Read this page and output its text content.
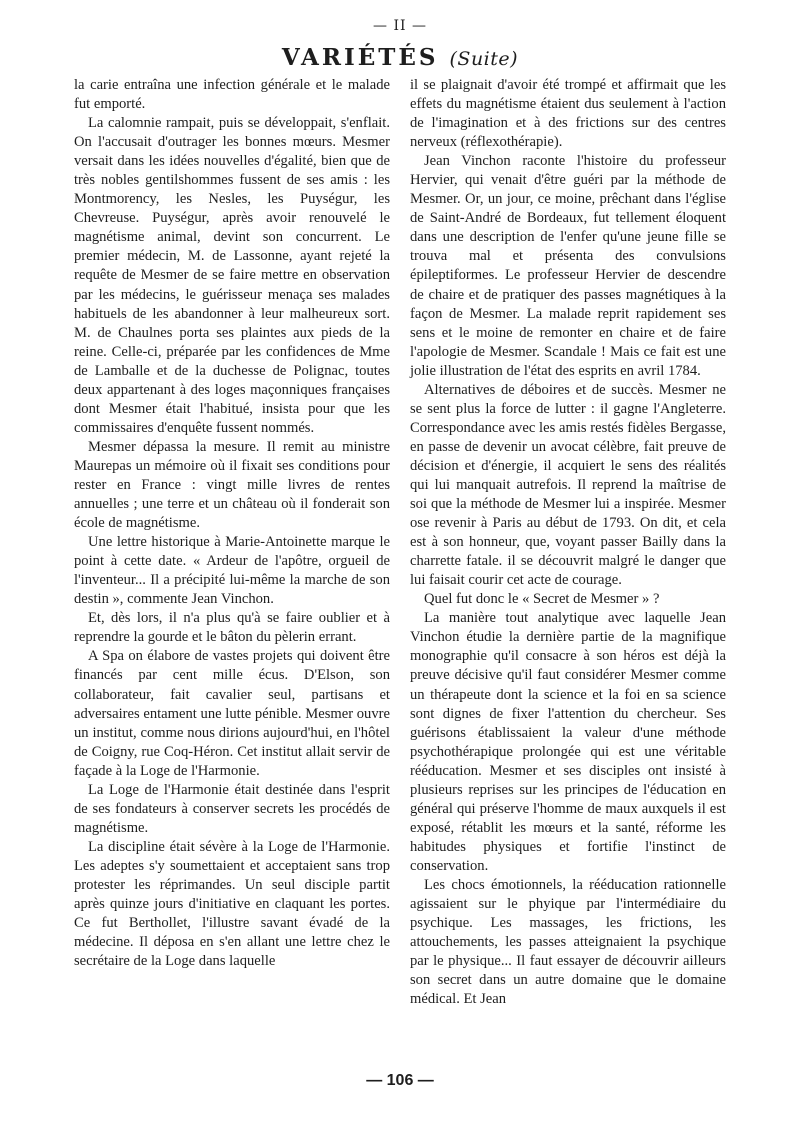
— II —
VARIÉTÉS (Suite)

la carie entraîna une infection générale et le malade fut emporté.

La calomnie rampait, puis se développait, s'enflait. On l'accusait d'outrager les bonnes mœurs. Mesmer versait dans les idées nouvelles d'égalité, bien que de très nobles gentilshommes fussent de ses amis : les Montmorency, les Nesles, les Puységur, les Chevreuse. Puységur, après avoir renouvelé le magnétisme animal, devint son concurrent. Le premier médecin, M. de Lassonne, ayant rejeté la requête de Mesmer de se faire mettre en observation par les médecins, le guérisseur menaça ses malades habituels de les abandonner à leur malheureux sort. M. de Chaulnes porta ses plaintes aux pieds de la reine. Celle-ci, préparée par les confidences de Mme de Lamballe et de la duchesse de Polignac, toutes deux appartenant à des loges maçonniques françaises dont Mesmer était l'habitué, insista pour que les commissaires d'enquête fussent nommés.

Mesmer dépassa la mesure. Il remit au ministre Maurepas un mémoire où il fixait ses conditions pour rester en France : vingt mille livres de rentes annuelles ; une terre et un château où il fonderait son école de magnétisme.

Une lettre historique à Marie-Antoinette marque le point à cette date. « Ardeur de l'apôtre, orgueil de l'inventeur... Il a précipité lui-même la marche de son destin », commente Jean Vinchon.

Et, dès lors, il n'a plus qu'à se faire oublier et à reprendre la gourde et le bâton du pèlerin errant.

A Spa on élabore de vastes projets qui doivent être financés par cent mille écus. D'Elson, son collaborateur, fait cavalier seul, partisans et adversaires entament une lutte pénible. Mesmer ouvre un institut, comme nous dirions aujourd'hui, en l'hôtel de Coigny, rue Coq-Héron. Cet institut allait servir de façade à la Loge de l'Harmonie.

La Loge de l'Harmonie était destinée dans l'esprit de ses fondateurs à conserver secrets les procédés de magnétisme.

La discipline était sévère à la Loge de l'Harmonie. Les adeptes s'y soumettaient et acceptaient sans trop protester les réprimandes. Un seul disciple partit après quinze jours d'initiative en claquant les portes. Ce fut Berthollet, l'illustre savant évadé de la médecine. Il déposa en s'en allant une lettre chez le secrétaire de la Loge dans laquelle

il se plaignait d'avoir été trompé et affirmait que les effets du magnétisme étaient dus seulement à l'action de l'imagination et à des frictions sur des centres nerveux (réflexothérapie).

Jean Vinchon raconte l'histoire du professeur Hervier, qui venait d'être guéri par la méthode de Mesmer. Or, un jour, ce moine, prêchant dans l'église de Saint-André de Bordeaux, fut tellement éloquent dans une description de l'enfer qu'une jeune fille se trouva mal et présenta des convulsions épileptiformes. Le professeur Hervier de descendre de chaire et de pratiquer des passes magnétiques à la façon de Mesmer. La malade reprit rapidement ses sens et le moine de remonter en chaire et de faire l'apologie de Mesmer. Scandale ! Mais ce fait est une jolie illustration de l'état des esprits en avril 1784.

Alternatives de déboires et de succès. Mesmer ne se sent plus la force de lutter : il gagne l'Angleterre. Correspondance avec les amis restés fidèles Bergasse, en passe de devenir un avocat célèbre, fait preuve de décision et d'énergie, il acquiert le sens des réalités qui lui manquait autrefois. Il reprend la maîtrise de soi que la méthode de Mesmer lui a inspirée. Mesmer ose revenir à Paris au début de 1793. On dit, et cela est à son honneur, que, voyant passer Bailly dans la charrette fatale. il se découvrit malgré le danger que lui faisait courir cet acte de courage.

Quel fut donc le « Secret de Mesmer » ?

La manière tout analytique avec laquelle Jean Vinchon étudie la dernière partie de la magnifique monographie qu'il consacre à son héros est déjà la preuve décisive qu'il faut considérer Mesmer comme un thérapeute dont la science et la foi en sa science sont dignes de fixer l'attention du chercheur. Ses guérisons établissaient la valeur d'une méthode psychothérapique prolongée qui est une véritable rééducation. Mesmer et ses disciples ont insisté à plusieurs reprises sur les principes de l'éducation en général qui préserve l'homme de maux auxquels il est exposé, rétablit les mœurs et la santé, réforme les habitudes physiques et fortifie l'instinct de conservation.

Les chocs émotionnels, la rééducation rationnelle agissaient sur le phyique par l'intermédiaire du psychique. Les massages, les frictions, les attouchements, les passes atteignaient la psychique par le physique... Il faut essayer de découvrir ailleurs son secret dans un autre domaine que le domaine médical. Et Jean

— 106 —
